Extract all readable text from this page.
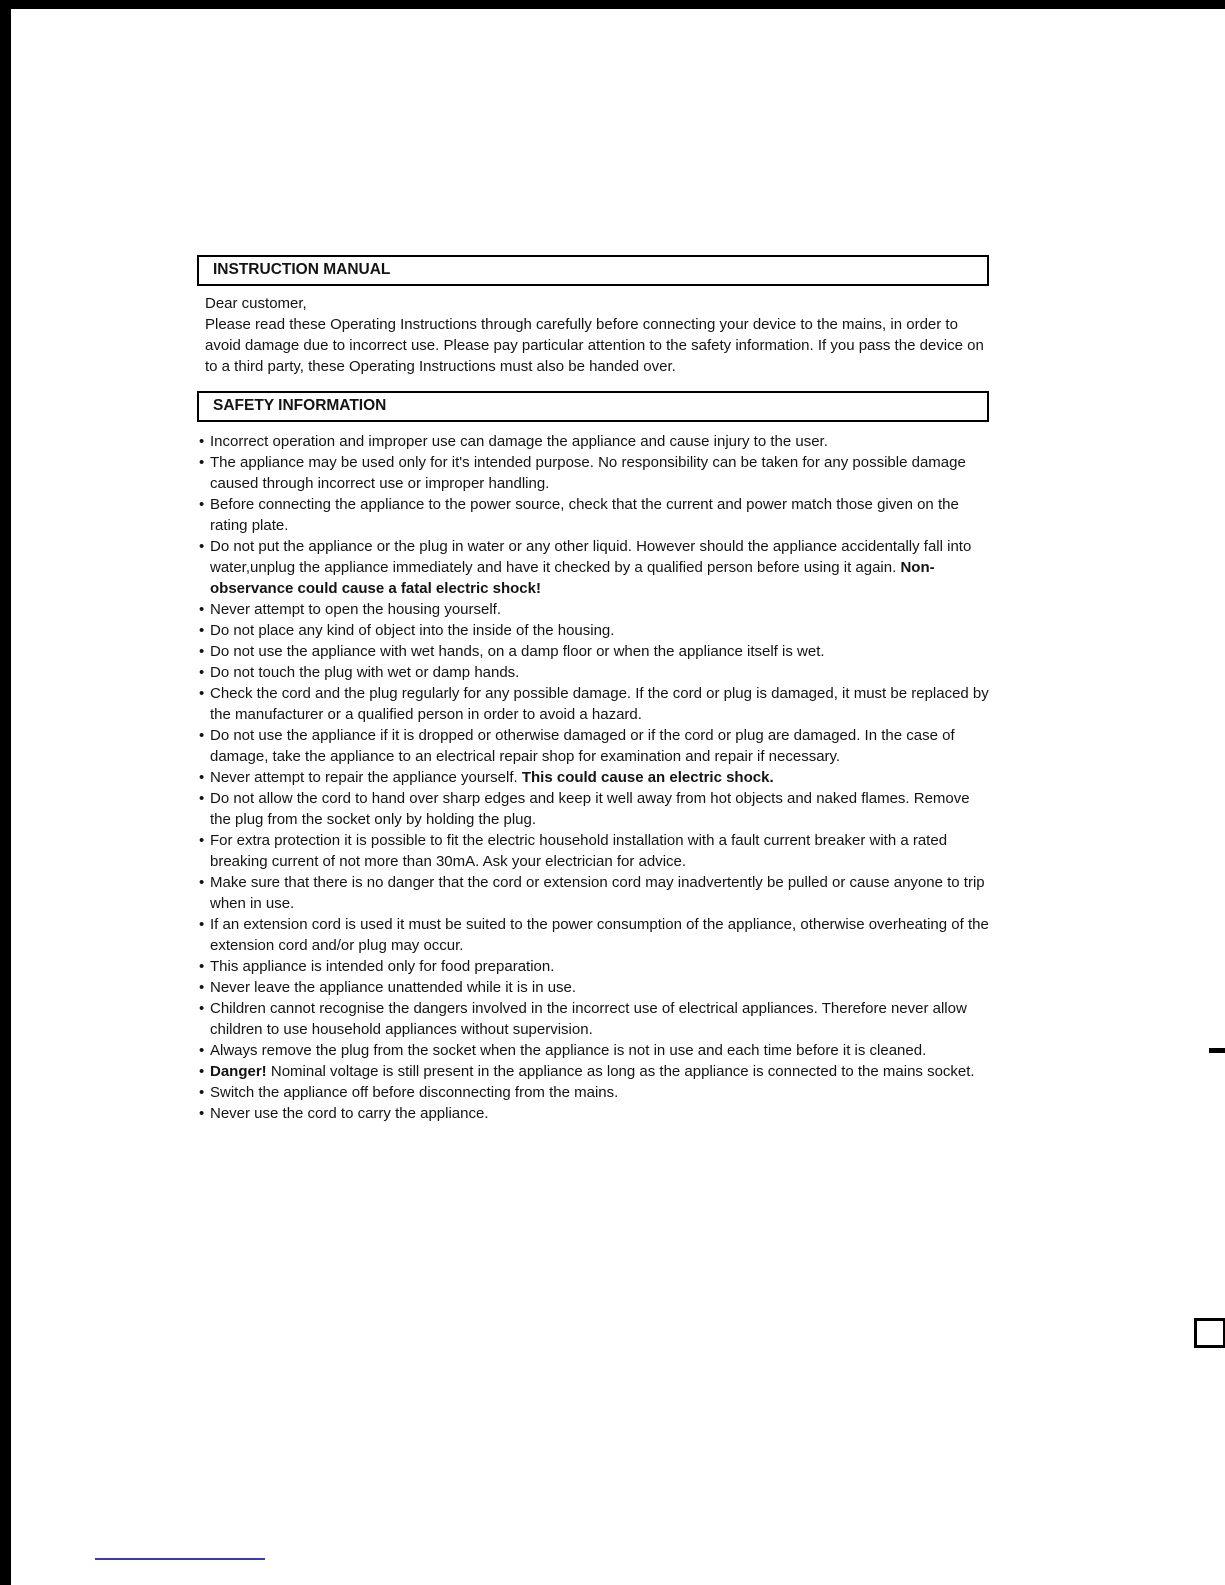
INSTRUCTION MANUAL

Dear customer,
Please read these Operating Instructions through carefully before connecting your device to the mains, in order to avoid damage due to incorrect use. Please pay particular attention to the safety information. If you pass the device on to a third party, these Operating Instructions must also be handed over.

SAFETY INFORMATION
• Incorrect operation and improper use can damage the appliance and cause injury to the user.
• The appliance may be used only for it's intended purpose. No responsibility can be taken for any possible damage caused through incorrect use or improper handling.
• Before connecting the appliance to the power source, check that the current and power match those given on the rating plate.
• Do not put the appliance or the plug in water or any other liquid. However should the appliance accidentally fall into water,unplug the appliance immediately and have it checked by a qualified person before using it again. Non-observance could cause a fatal electric shock!
• Never attempt to open the housing yourself.
• Do not place any kind of object into the inside of the housing.
• Do not use the appliance with wet hands, on a damp floor or when the appliance itself is wet.
• Do not touch the plug with wet or damp hands.
• Check the cord and the plug regularly for any possible damage. If the cord or plug is damaged, it must be replaced by the manufacturer or a qualified person in order to avoid a hazard.
• Do not use the appliance if it is dropped or otherwise damaged or if the cord or plug are damaged. In the case of damage, take the appliance to an electrical repair shop for examination and repair if necessary.
• Never attempt to repair the appliance yourself. This could cause an electric shock.
• Do not allow the cord to hand over sharp edges and keep it well away from hot objects and naked flames. Remove the plug from the socket only by holding the plug.
• For extra protection it is possible to fit the electric household installation with a fault current breaker with a rated breaking current of not more than 30mA. Ask your electrician for advice.
• Make sure that there is no danger that the cord or extension cord may inadvertently be pulled or cause anyone to trip when in use.
• If an extension cord is used it must be suited to the power consumption of the appliance, otherwise overheating of the extension cord and/or plug may occur.
• This appliance is intended only for food preparation.
• Never leave the appliance unattended while it is in use.
• Children cannot recognise the dangers involved in the incorrect use of electrical appliances. Therefore never allow children to use household appliances without supervision.
• Always remove the plug from the socket when the appliance is not in use and each time before it is cleaned.
• Danger! Nominal voltage is still present in the appliance as long as the appliance is connected to the mains socket.
• Switch the appliance off before disconnecting from the mains.
• Never use the cord to carry the appliance.
